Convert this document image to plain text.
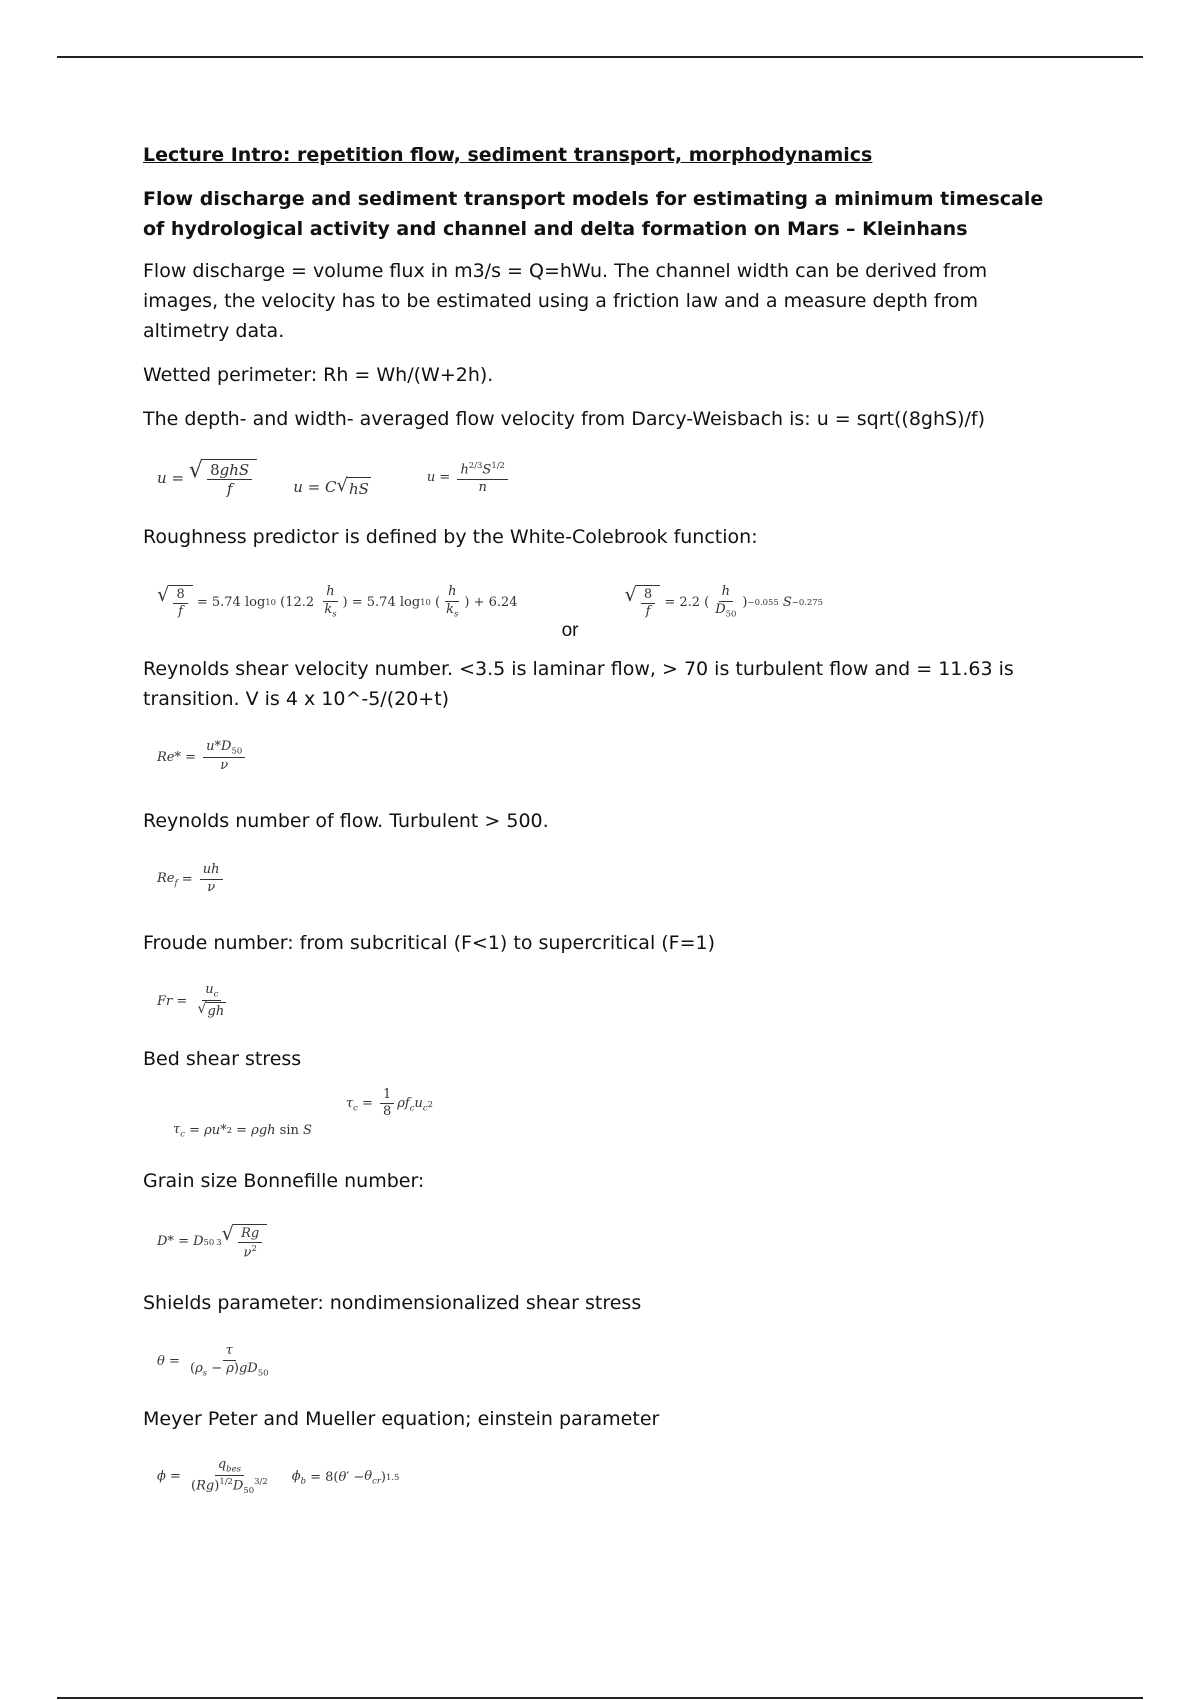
Lecture Intro: repetition flow, sediment transport, morphodynamics
Flow discharge and sediment transport models for estimating a minimum timescale of hydrological activity and channel and delta formation on Mars – Kleinhans

Flow discharge = volume flux in m3/s = Q=hWu. The channel width can be derived from images, the velocity has to be estimated using a friction law and a measure depth from altimetry data.

Wetted perimeter: Rh = Wh/(W+2h).

The depth- and width- averaged flow velocity from Darcy-Weisbach is: u = sqrt((8ghS)/f)

u = √ $\frac{\text{8ghS}}{f}$	u = C √ hS
$u = \frac{h^{2/3}S^{1/2}}{n}$

Roughness predictor is defined by the White-Colebrook function:

√ $\frac{8}{f} = 5.74$ log 10 ($12.2 \frac{h}{k_s}$ ) = 5.74 log 10 ( $\frac{h}{k_s}$ ) + 6.24
or
√ $\frac{8}{f} = 2.2$ ( $\frac{h}{D_{50}}$ ) −0.055
S −0.275

Reynolds shear velocity number. <3.5 is laminar flow, > 70 is turbulent flow and = 11.63 is transition. V is 4 x 10^-5/(20+t)

Re * = $\frac{u*D_{50}}{\nu}$

Reynolds number of flow. Turbulent > 500.

$Re_f = \frac{uh}{\nu}$

Froude number: from subcritical (F<1) to supercritical (F=1)

$Fr = \frac{u_c}{√ gh}$

Bed shear stress

$\tau_c = \rho u * 2 = \rho gh$ sin S
$\tau_c = \frac{1}{8} \rho f_cu_c$ 2

Grain size Bonnefille number:

D * = D 50 3 √ $\frac{Rg}{\nu^2}$

Shields parameter: nondimensionalized shear stress

$\theta = \frac{\tau}{(\rho_s - \rho)gD_{50}}$

Meyer Peter and Mueller equation; einstein parameter

$\phi = \frac{q_{bes}}{(Rg)^{1/2}D_{50}^{3/2}} \phi_b = 8$( θ ′ − $\theta_{cr}$ ) 1.5
